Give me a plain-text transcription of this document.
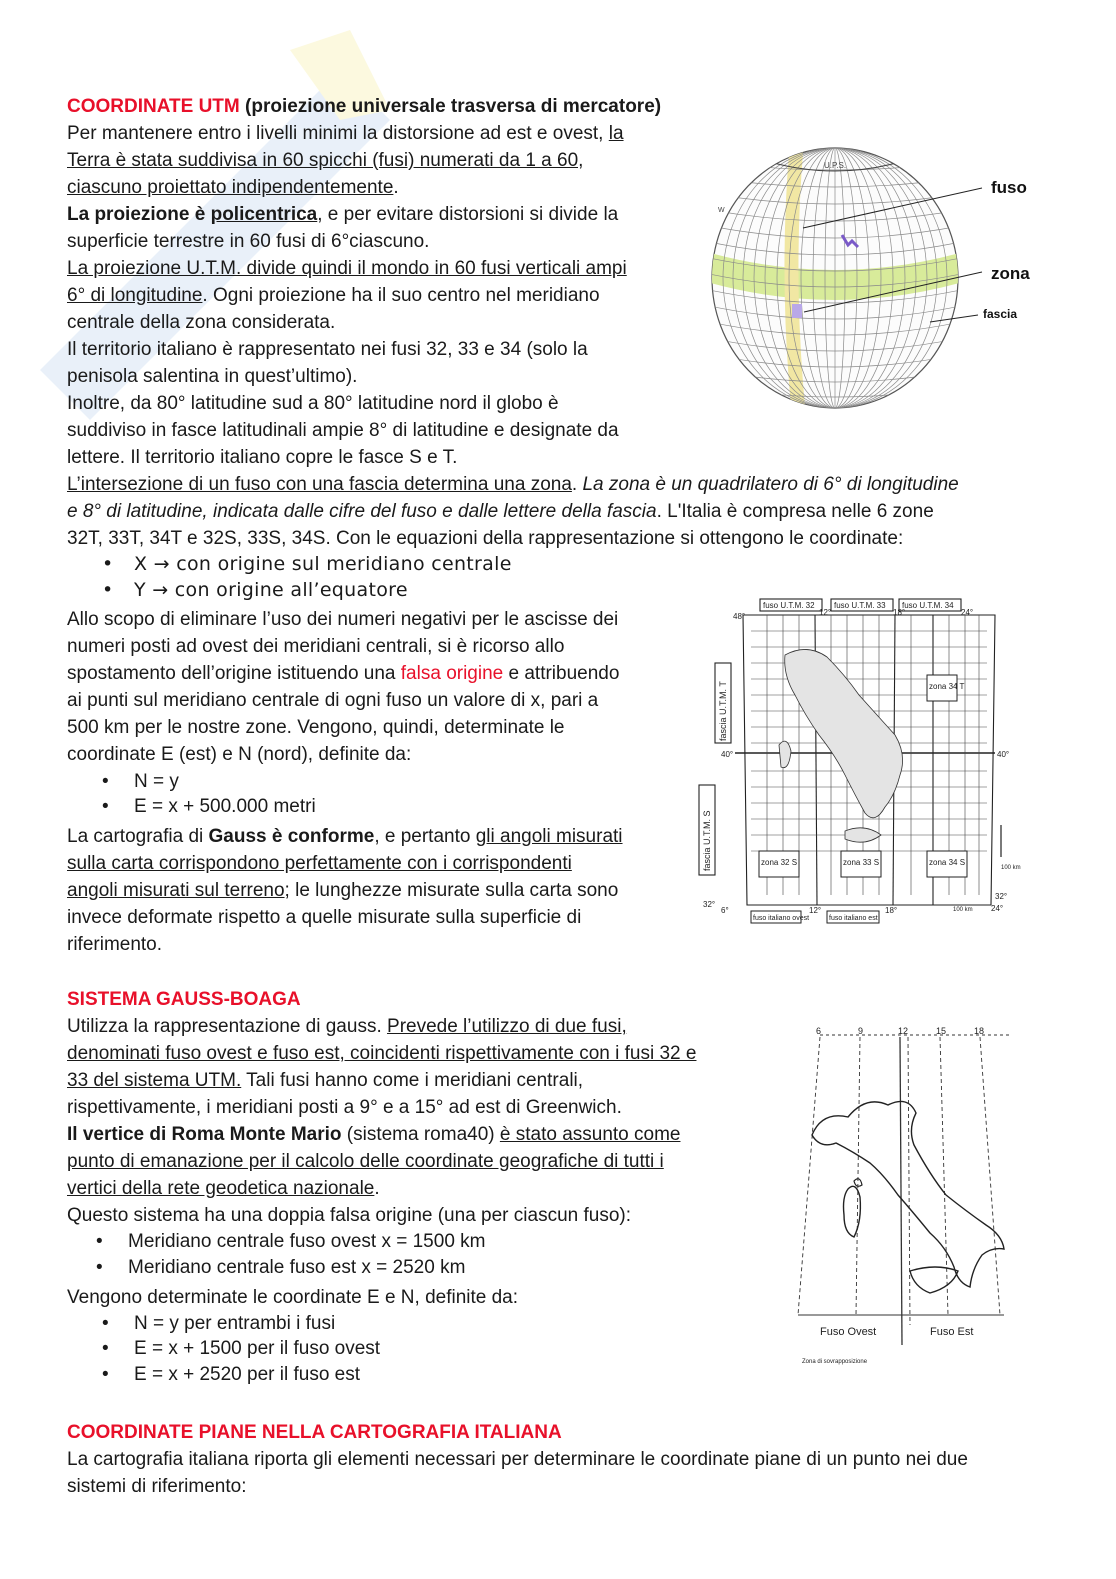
COORDINATE UTM (proiezione universale trasversa di mercatore)
Per mantenere entro i livelli minimi la distorsione ad est e ovest, la
Terra è stata suddivisa in 60 spicchi (fusi) numerati da 1 a 60,
ciascuno proiettato indipendentemente.
La proiezione è policentrica, e per evitare distorsioni si divide la
superficie terrestre in 60 fusi di 6°ciascuno.
La proiezione U.T.M. divide quindi il mondo in 60 fusi verticali ampi
6° di longitudine. Ogni proiezione ha il suo centro nel meridiano
centrale della zona considerata.
Il territorio italiano è rappresentato nei fusi 32, 33 e 34 (solo la
penisola salentina in quest’ultimo).
Inoltre, da 80° latitudine sud a 80° latitudine nord il globo è
suddiviso in fasce latitudinali ampie 8° di latitudine e designate da
lettere. Il territorio italiano copre le fasce S e T.
L’intersezione di un fuso con una fascia determina una zona. La zona è un quadrilatero di 6° di longitudine
e 8° di latitudine, indicata dalle cifre del fuso e dalle lettere della fascia. L'Italia è compresa nelle 6 zone
32T, 33T, 34T e 32S, 33S, 34S. Con le equazioni della rappresentazione si ottengono le coordinate:
• X → con origine sul meridiano centrale
• Y → con origine all’equatore
Allo scopo di eliminare l’uso dei numeri negativi per le ascisse dei
numeri posti ad ovest dei meridiani centrali, si è ricorso allo
spostamento dell’origine istituendo una falsa origine e attribuendo
ai punti sul meridiano centrale di ogni fuso un valore di x, pari a
500 km per le nostre zone. Vengono, quindi, determinate le
coordinate E (est) e N (nord), definite da:
• N = y
• E = x + 500.000 metri
La cartografia di Gauss è conforme, e pertanto gli angoli misurati
sulla carta corrispondono perfettamente con i corrispondenti
angoli misurati sul terreno; le lunghezze misurate sulla carta sono
invece deformate rispetto a quelle misurate sulla superficie di
riferimento.
U.P.S.
W
fuso
zona
fascia
fuso U.T.M. 32 fuso U.T.M. 33 fuso U.T.M. 34
fascia U.T.M. T
fascia U.T.M. S
zona 34 T
zona 32 S	zona 33 S	zona 34 S
fuso italiano ovest	fuso italiano est
48°
40°	40°
32°
32°
6°	12°
12°
18°
18°
24°
24°
100 km
100 km
SISTEMA GAUSS-BOAGA
Utilizza la rappresentazione di gauss. Prevede l’utilizzo di due fusi,
denominati fuso ovest e fuso est, coincidenti rispettivamente con i fusi 32 e
33 del sistema UTM. Tali fusi hanno come i meridiani centrali,
rispettivamente, i meridiani posti a 9° e a 15° ad est di Greenwich.
Il vertice di Roma Monte Mario (sistema roma40) è stato assunto come
punto di emanazione per il calcolo delle coordinate geografiche di tutti i
vertici della rete geodetica nazionale.
Questo sistema ha una doppia falsa origine (una per ciascun fuso):
• Meridiano centrale fuso ovest x = 1500 km
• Meridiano centrale fuso est x = 2520 km
Vengono determinate le coordinate E e N, definite da:
• N = y per entrambi i fusi
• E = x + 1500 per il fuso ovest
• E = x + 2520 per il fuso est
6	9	12	15	18
Fuso Ovest	Fuso Est
Zona di sovrapposizione
COORDINATE PIANE NELLA CARTOGRAFIA ITALIANA
La cartografia italiana riporta gli elementi necessari per determinare le coordinate piane di un punto nei due
sistemi di riferimento:
